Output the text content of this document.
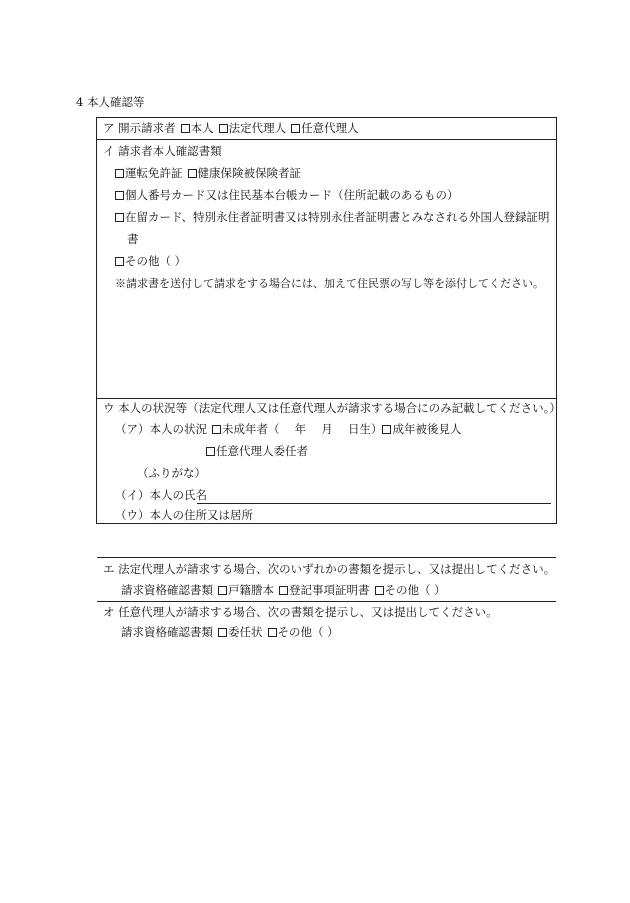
4 本人確認等
ア 開示請求者 本人 法定代理人 任意代理人
イ 請求者本人確認書類
運転免許証 健康保険被保険者証
個人番号カード又は住民基本台帳カード（住所記載のあるもの）
在留カード、特別永住者証明書又は特別永住者証明書とみなされる外国人登録証明
書
その他（ ）
※請求書を送付して請求をする場合には、加えて住民票の写し等を添付してください。
ウ 本人の状況等（法定代理人又は任意代理人が請求する場合にのみ記載してください。）
（ア）本人の状況 未成年者（　 年　 月　 日生） 成年被後見人
任意代理人委任者
（ふりがな）
（イ）本人の氏名
（ウ）本人の住所又は居所
エ 法定代理人が請求する場合、次のいずれかの書類を提示し、又は提出してください。
請求資格確認書類 戸籍謄本 登記事項証明書 その他（ ）
オ 任意代理人が請求する場合、次の書類を提示し、又は提出してください。
請求資格確認書類 委任状 その他（ ）
